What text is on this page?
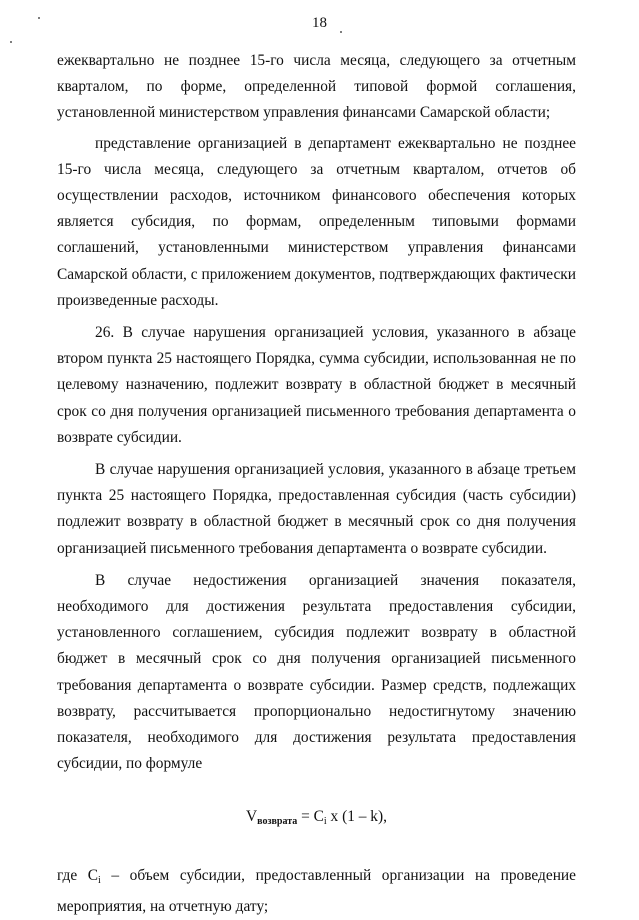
18

ежеквартально не позднее 15-го числа месяца, следующего за отчетным кварталом, по форме, определенной типовой формой соглашения, установленной министерством управления финансами Самарской области;

представление организацией в департамент ежеквартально не позднее 15-го числа месяца, следующего за отчетным кварталом, отчетов об осуществлении расходов, источником финансового обеспечения которых является субсидия, по формам, определенным типовыми формами соглашений, установленными министерством управления финансами Самарской области, с приложением документов, подтверждающих фактически произведенные расходы.

26. В случае нарушения организацией условия, указанного в абзаце втором пункта 25 настоящего Порядка, сумма субсидии, использованная не по целевому назначению, подлежит возврату в областной бюджет в месячный срок со дня получения организацией письменного требования департамента о возврате субсидии.

В случае нарушения организацией условия, указанного в абзаце третьем пункта 25 настоящего Порядка, предоставленная субсидия (часть субсидии) подлежит возврату в областной бюджет в месячный срок со дня получения организацией письменного требования департамента о возврате субсидии.

В случае недостижения организацией значения показателя, необходимого для достижения результата предоставления субсидии, установленного соглашением, субсидия подлежит возврату в областной бюджет в месячный срок со дня получения организацией письменного требования департамента о возврате субсидии. Размер средств, подлежащих возврату, рассчитывается пропорционально недостигнутому значению показателя, необходимого для достижения результата предоставления субсидии, по формуле

$V_{возврата} = Ci$ x (1 – k),

где Ci – объем субсидии, предоставленный организации на проведение мероприятия, на отчетную дату;
